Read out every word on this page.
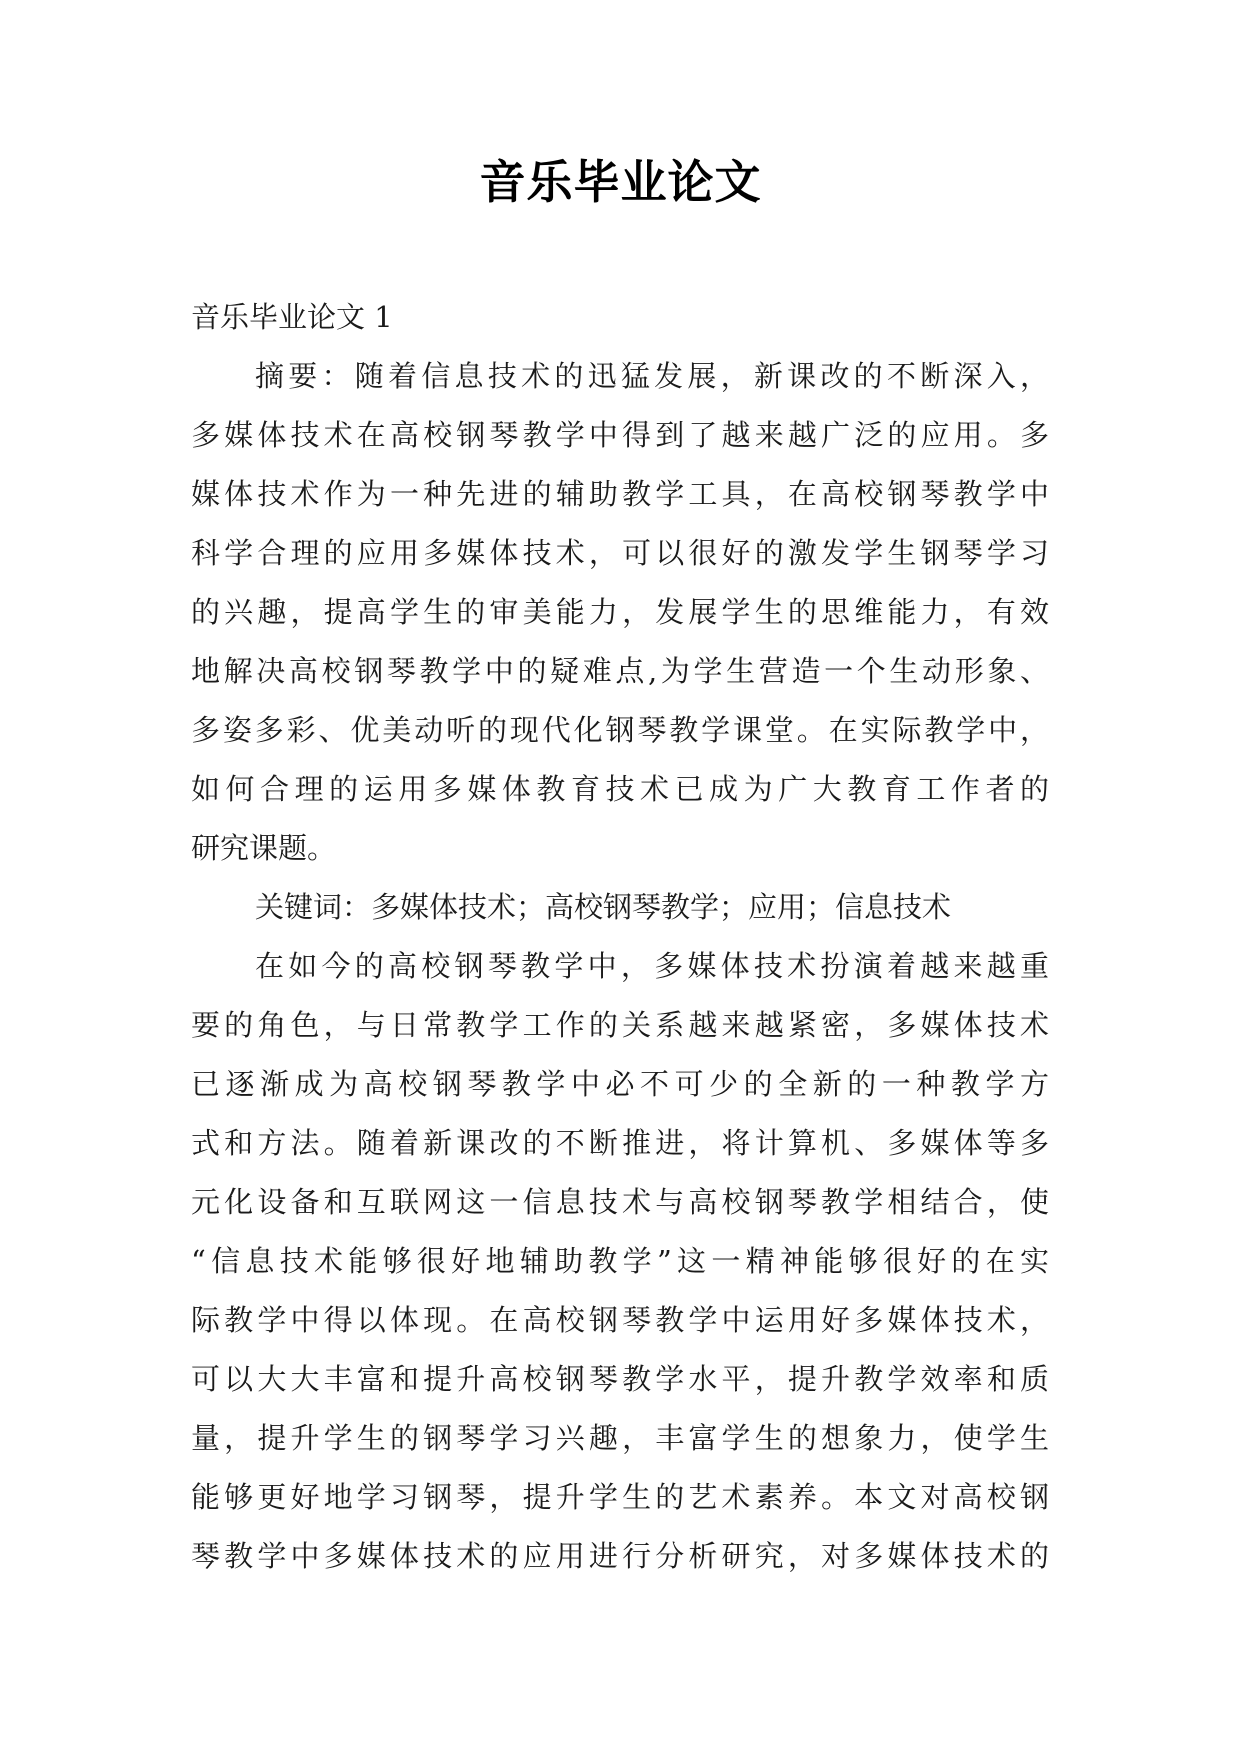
音乐毕业论文
音乐毕业论文 1

摘要：随着信息技术的迅猛发展，新课改的不断深入，
多媒体技术在高校钢琴教学中得到了越来越广泛的应用。多
媒体技术作为一种先进的辅助教学工具，在高校钢琴教学中
科学合理的应用多媒体技术，可以很好的激发学生钢琴学习
的兴趣，提高学生的审美能力，发展学生的思维能力，有效
地解决高校钢琴教学中的疑难点,为学生营造一个生动形象、
多姿多彩、优美动听的现代化钢琴教学课堂。在实际教学中，
如何合理的运用多媒体教育技术已成为广大教育工作者的
研究课题。

关键词：多媒体技术；高校钢琴教学；应用；信息技术

在如今的高校钢琴教学中，多媒体技术扮演着越来越重
要的角色，与日常教学工作的关系越来越紧密，多媒体技术
已逐渐成为高校钢琴教学中必不可少的全新的一种教学方
式和方法。随着新课改的不断推进，将计算机、多媒体等多
元化设备和互联网这一信息技术与高校钢琴教学相结合，使
“信息技术能够很好地辅助教学”这一精神能够很好的在实
际教学中得以体现。在高校钢琴教学中运用好多媒体技术，
可以大大丰富和提升高校钢琴教学水平，提升教学效率和质
量，提升学生的钢琴学习兴趣，丰富学生的想象力，使学生
能够更好地学习钢琴，提升学生的艺术素养。本文对高校钢
琴教学中多媒体技术的应用进行分析研究，对多媒体技术的
